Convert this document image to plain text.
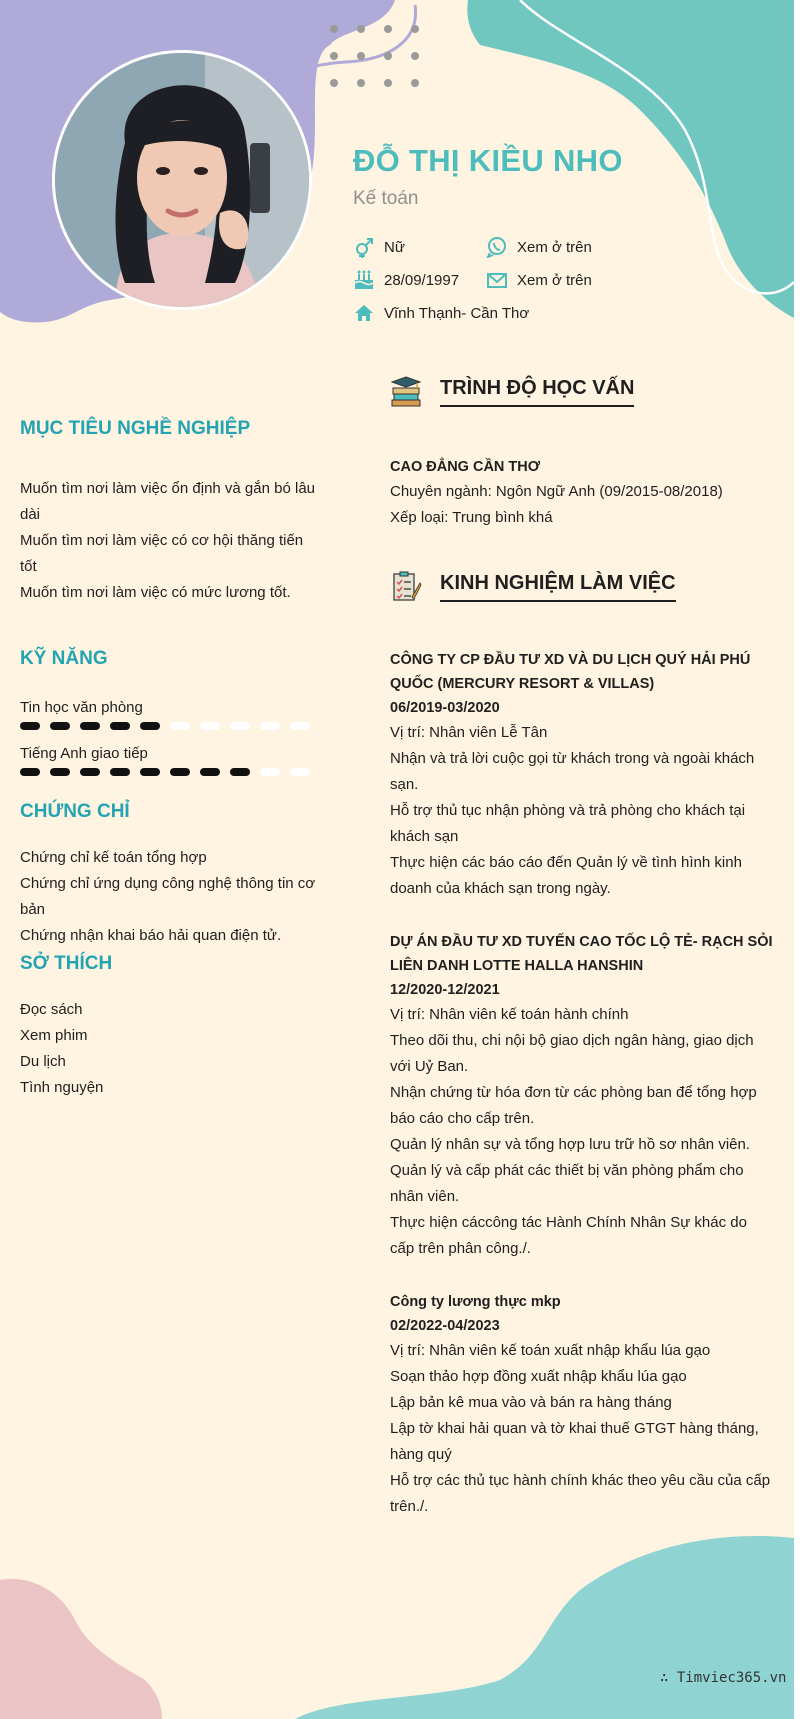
ĐỖ THỊ KIỀU NHO
Kế toán
Nữ	Xem ở trên
28/09/1997	Xem ở trên
Vĩnh Thạnh- Cần Thơ
MỤC TIÊU NGHỀ NGHIỆP
Muốn tìm nơi làm việc ổn định và gắn bó lâu dài
Muốn tìm nơi làm việc có cơ hội thăng tiến tốt
Muốn tìm nơi làm việc có mức lương tốt.
KỸ NĂNG
Tin học văn phòng
Tiếng Anh giao tiếp
CHỨNG CHỈ
Chứng chỉ kế toán tổng hợp
Chứng chỉ ứng dụng công nghệ thông tin cơ bản
Chứng nhận khai báo hải quan điện tử.
SỞ THÍCH
Đọc sách
Xem phim
Du lịch
Tình nguyện
TRÌNH ĐỘ HỌC VẤN
CAO ĐẲNG CẦN THƠ
Chuyên ngành: Ngôn Ngữ Anh (09/2015-08/2018)
Xếp loại: Trung bình khá
KINH NGHIỆM LÀM VIỆC
CÔNG TY CP ĐẦU TƯ XD VÀ DU LỊCH QUÝ HẢI PHÚ QUỐC (MERCURY RESORT & VILLAS)
06/2019-03/2020
Vị trí: Nhân viên Lễ Tân
Nhận và trả lời cuộc gọi từ khách trong và ngoài khách sạn.
Hỗ trợ thủ tục nhận phòng và trả phòng cho khách tại khách sạn
Thực hiện các báo cáo đến Quản lý về tình hình kinh doanh của khách sạn trong ngày.
DỰ ÁN ĐẦU TƯ XD TUYẾN CAO TỐC LỘ TẺ- RẠCH SỎI LIÊN DANH LOTTE HALLA HANSHIN
12/2020-12/2021
Vị trí: Nhân viên kế toán hành chính
Theo dõi thu, chi nội bộ giao dịch ngân hàng, giao dịch với Uỷ Ban.
Nhận chứng từ hóa đơn từ các phòng ban để tổng hợp báo cáo cho cấp trên.
Quản lý nhân sự và tổng hợp lưu trữ hồ sơ nhân viên.
Quản lý và cấp phát các thiết bị văn phòng phẩm cho nhân viên.
Thực hiện cáccông tác Hành Chính Nhân Sự khác do cấp trên phân công./.
Công ty lương thực mkp
02/2022-04/2023
Vị trí: Nhân viên kế toán xuất nhập khẩu lúa gạo
Soạn thảo hợp đồng xuất nhập khẩu lúa gạo
Lập bản kê mua vào và bán ra hàng tháng
Lập tờ khai hải quan và tờ khai thuế GTGT hàng tháng, hàng quý
Hỗ trợ các thủ tục hành chính khác theo yêu cầu của cấp trên./.
∴ Timviec365.vn
